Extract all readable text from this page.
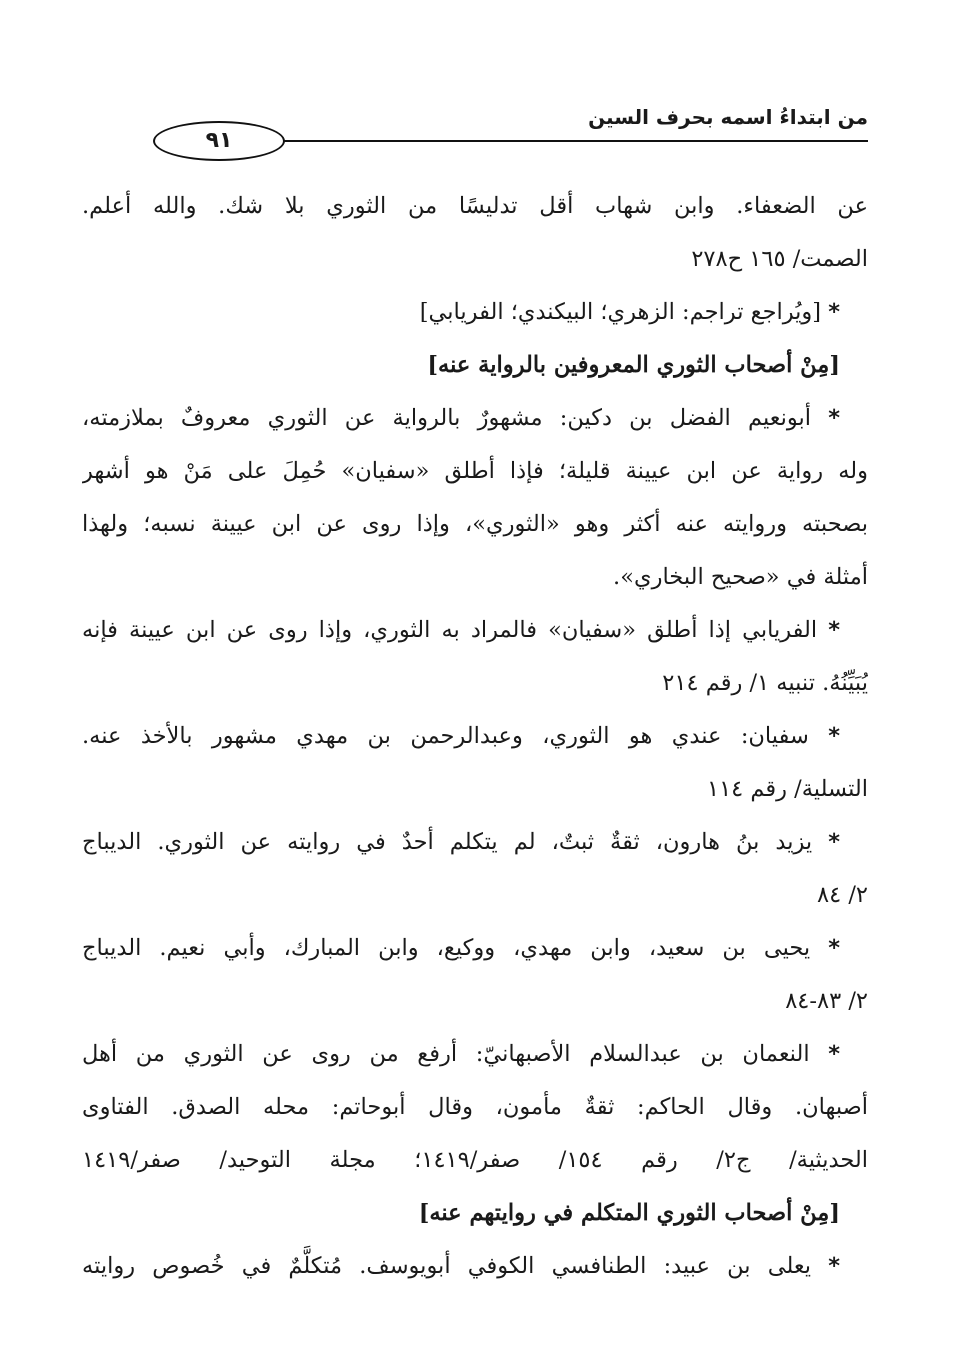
من ابتداءُ اسمه بحرف السين
٩١
عن الضعفاء. وابن شهاب أقل تدليسًا من الثوري بلا شك. والله أعلم.
الصمت/ ١٦٥ ح٢٧٨
* [ويُراجع تراجم: الزهري؛ البيكندي؛ الفريابي]
[مِنْ أصحاب الثوري المعروفين بالرواية عنه]
* أبونعيم الفضل بن دكين: مشهورٌ بالرواية عن الثوري معروفٌ بملازمته،
وله رواية عن ابن عيينة قليلة؛ فإذا أطلق «سفيان» حُمِلَ على مَنْ هو أشهر
بصحبته وروايته عنه أكثر وهو «الثوري»، وإذا روى عن ابن عيينة نسبه؛ ولهذا
أمثلة في «صحيح البخاري».
* الفريابي إذا أطلق «سفيان» فالمراد به الثوري، وإذا روى عن ابن عيينة فإنه
يُبَيِّنُهُ. تنبيه ١/ رقم ٢١٤
* سفيان: عندي هو الثوري، وعبدالرحمن بن مهدي مشهور بالأخذ عنه.
التسلية/ رقم ١١٤
* يزيد بنُ هارون، ثقةٌ ثبتٌ، لم يتكلم أحدٌ في روايته عن الثوري. الديباج
٢/ ٨٤
* يحيى بن سعيد، وابن مهدي، ووكيع، وابن المبارك، وأبي نعيم. الديباج
٢/ ٨٣-٨٤
* النعمان بن عبدالسلام الأصبهانيّ: أرفع من روى عن الثوري من أهل
أصبهان. وقال الحاكم: ثقةٌ مأمون، وقال أبوحاتم: محله الصدق. الفتاوى
الحديثية/ ج٢/ رقم ١٥٤/ صفر/١٤١٩؛ مجلة التوحيد/ صفر/١٤١٩
[مِنْ أصحاب الثوري المتكلم في روايتهم عنه]
* يعلى بن عبيد: الطنافسي الكوفي أبويوسف. مُتكلَّمٌ في خُصوص روايته
